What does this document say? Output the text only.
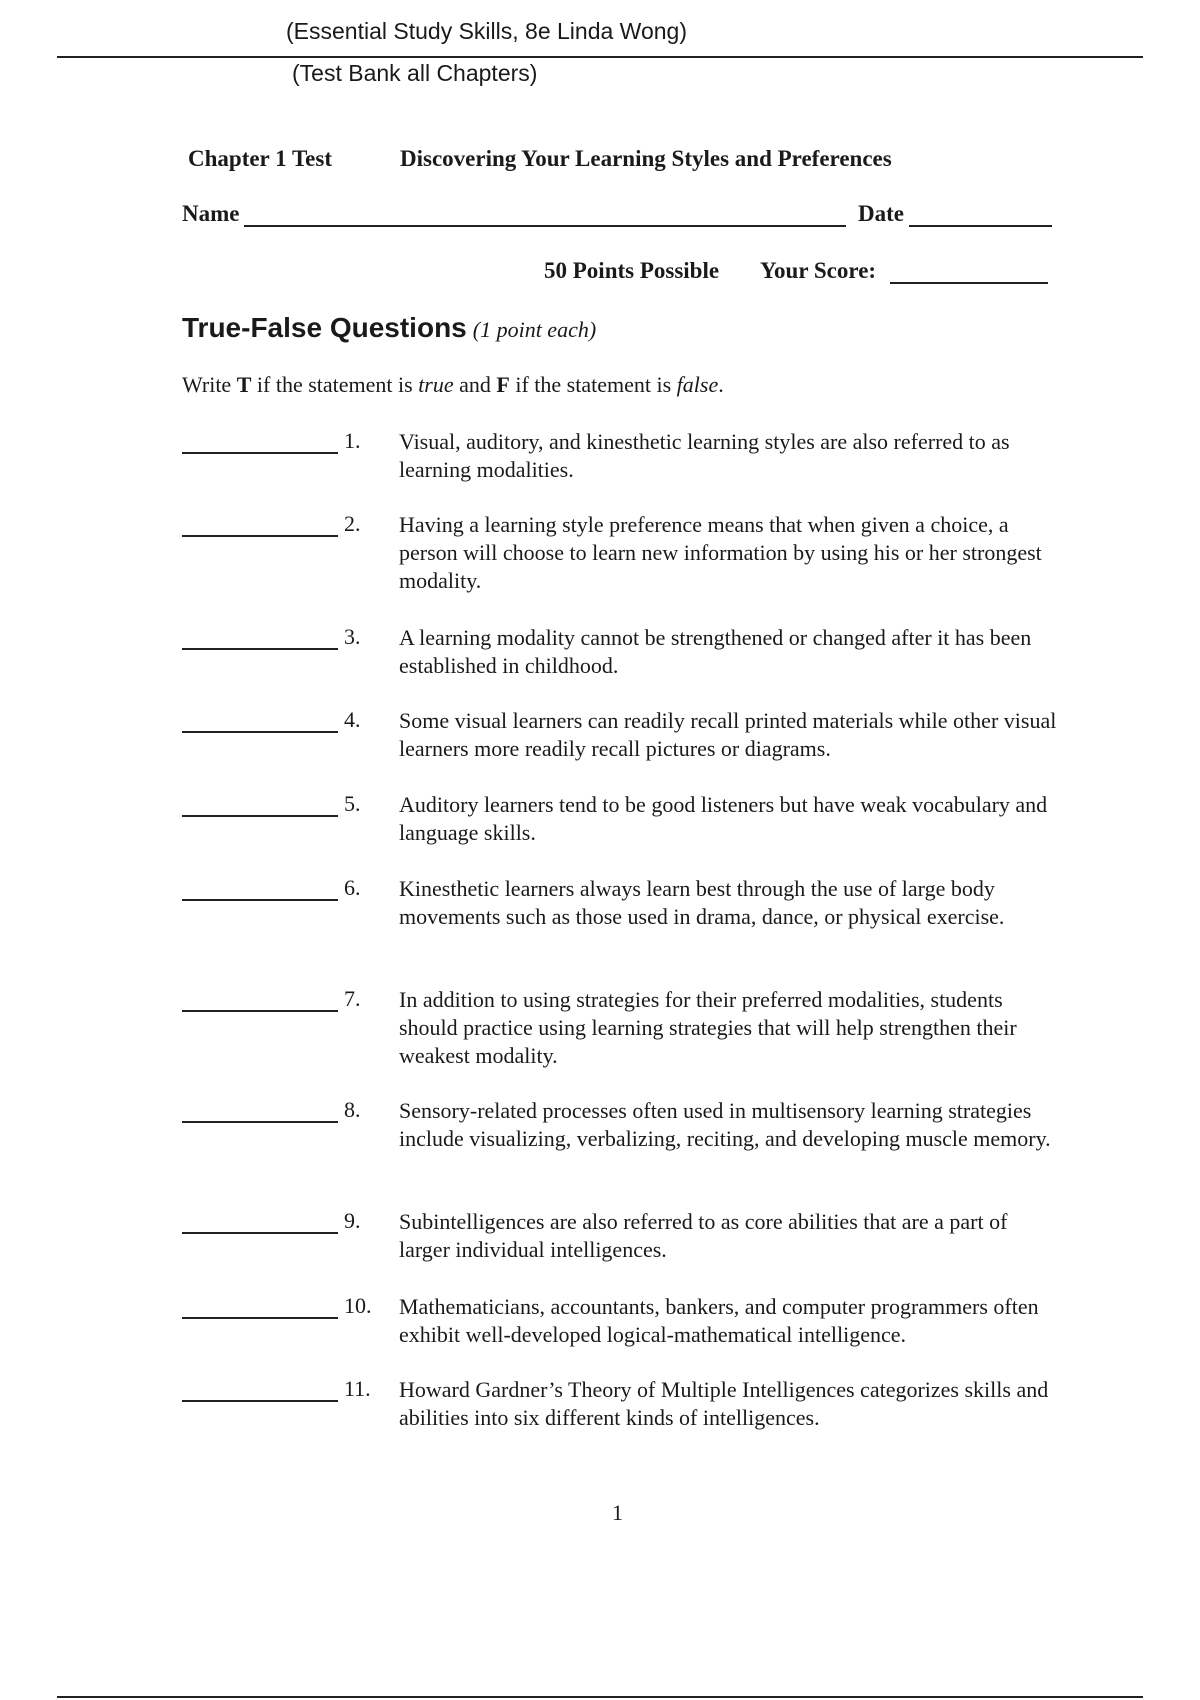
(Essential Study Skills, 8e Linda Wong)
(Test Bank all Chapters)
Chapter 1 Test	Discovering Your Learning Styles and Preferences
Name	Date
50 Points Possible Your Score:
True-False Questions (1 point each)
Write T if the statement is true and F if the statement is false.
1. Visual, auditory, and kinesthetic learning styles are also referred to as learning modalities.
2. Having a learning style preference means that when given a choice, a person will choose to learn new information by using his or her strongest modality.
3. A learning modality cannot be strengthened or changed after it has been established in childhood.
4. Some visual learners can readily recall printed materials while other visual learners more readily recall pictures or diagrams.
5. Auditory learners tend to be good listeners but have weak vocabulary and language skills.
6. Kinesthetic learners always learn best through the use of large body movements such as those used in drama, dance, or physical exercise.
7. In addition to using strategies for their preferred modalities, students should practice using learning strategies that will help strengthen their weakest modality.
8. Sensory-related processes often used in multisensory learning strategies include visualizing, verbalizing, reciting, and developing muscle memory.
9. Subintelligences are also referred to as core abilities that are a part of larger individual intelligences.
10. Mathematicians, accountants, bankers, and computer programmers often exhibit well-developed logical-mathematical intelligence.
11. Howard Gardner’s Theory of Multiple Intelligences categorizes skills and abilities into six different kinds of intelligences.
1
